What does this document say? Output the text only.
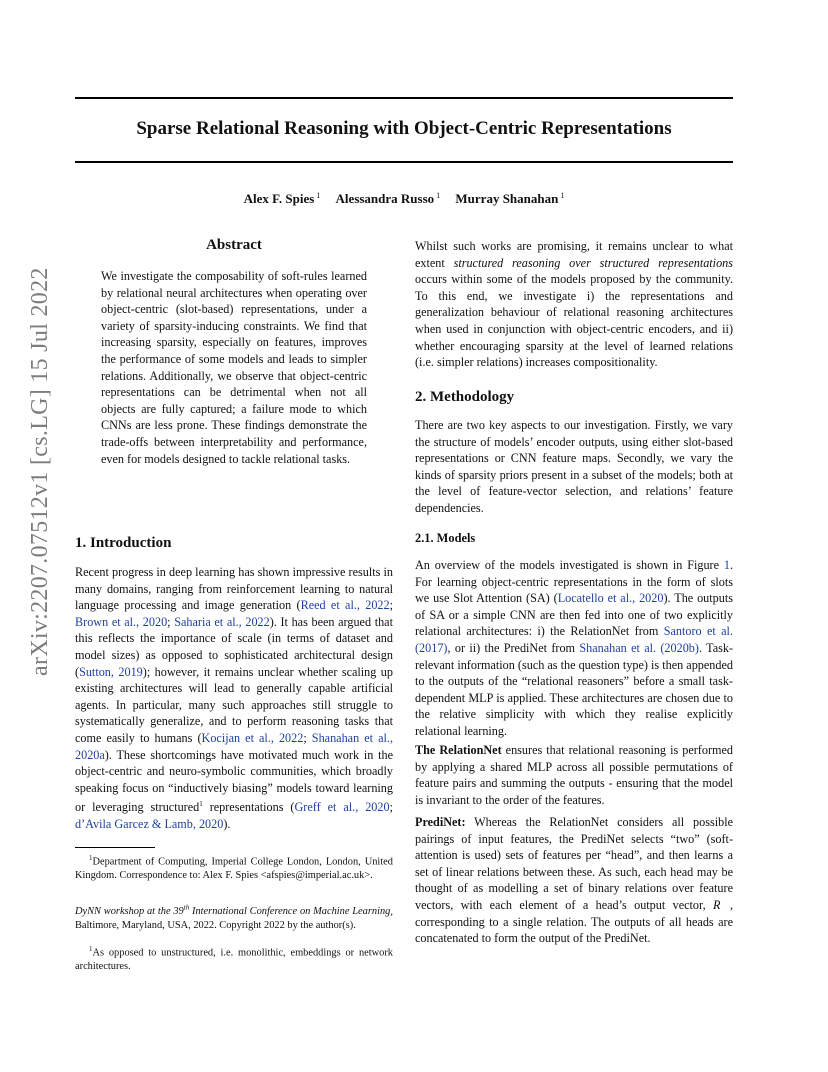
Sparse Relational Reasoning with Object-Centric Representations
Alex F. Spies $^1$ Alessandra Russo $^1$ Murray Shanahan $^1$
arXiv:2207.07512v1 [cs.LG] 15 Jul 2022
Abstract
We investigate the composability of soft-rules learned by relational neural architectures when operating over object-centric (slot-based) representations, under a variety of sparsity-inducing constraints. We find that increasing sparsity, especially on features, improves the performance of some models and leads to simpler relations. Additionally, we observe that object-centric representations can be detrimental when not all objects are fully captured; a failure mode to which CNNs are less prone. These findings demonstrate the trade-offs between interpretability and performance, even for models designed to tackle relational tasks.
1. Introduction

Recent progress in deep learning has shown impressive results in many domains, ranging from reinforcement learning to natural language processing and image generation (Reed et al., 2022; Brown et al., 2020; Saharia et al., 2022). It has been argued that this reflects the importance of scale (in terms of dataset and model sizes) as opposed to sophisticated architectural design (Sutton, 2019); however, it remains unclear whether scaling up existing architectures will lead to generally capable artificial agents. In particular, many such approaches still struggle to systematically generalize, and to perform reasoning tasks that come easily to humans (Kocijan et al., 2022; Shanahan et al., 2020a). These shortcomings have motivated much work in the object-centric and neuro-symbolic communities, which broadly speaking focus on “inductively biasing” models toward learning or leveraging structured$^1$ representations (Greff et al., 2020; d’Avila Garcez & Lamb, 2020).

$^1$Department of Computing, Imperial College London, London, United Kingdom. Correspondence to: Alex F. Spies <afspies@imperial.ac.uk>.

DyNN workshop at the 39th International Conference on Machine Learning, Baltimore, Maryland, USA, 2022. Copyright 2022 by the author(s).

$^1$As opposed to unstructured, i.e. monolithic, embeddings or network architectures.

Whilst such works are promising, it remains unclear to what extent structured reasoning over structured representations occurs within some of the models proposed by the community. To this end, we investigate i) the representations and generalization behaviour of relational reasoning architectures when used in conjunction with object-centric encoders, and ii) whether encouraging sparsity at the level of learned relations (i.e. simpler relations) increases compositionality.

2. Methodology

There are two key aspects to our investigation. Firstly, we vary the structure of models’ encoder outputs, using either slot-based representations or CNN feature maps. Secondly, we vary the kinds of sparsity priors present in a subset of the models; both at the level of feature-vector selection, and relations’ feature dependencies.

2.1. Models

An overview of the models investigated is shown in Figure 1. For learning object-centric representations in the form of slots we use Slot Attention (SA) (Locatello et al., 2020). The outputs of SA or a simple CNN are then fed into one of two explicitly relational architectures: i) the RelationNet from Santoro et al. (2017), or ii) the PrediNet from Shanahan et al. (2020b). Task-relevant information (such as the question type) is then appended to the outputs of the “relational reasoners” before a small task-dependent MLP is applied. These architectures are chosen due to the relative simplicity with which they realise explicitly relational learning.

The RelationNet ensures that relational reasoning is performed by applying a shared MLP across all possible permutations of feature pairs and summing the outputs - ensuring that the model is invariant to the order of the features.

PrediNet: Whereas the RelationNet considers all possible pairings of input features, the PrediNet selects “two” (soft-attention is used) sets of features per “head”, and then learns a set of linear relations between these. As such, each head may be thought of as modelling a set of binary relations over feature vectors, with each element of a head’s output vector, R⃗, corresponding to a single relation. The outputs of all heads are concatenated to form the output of the PrediNet.
